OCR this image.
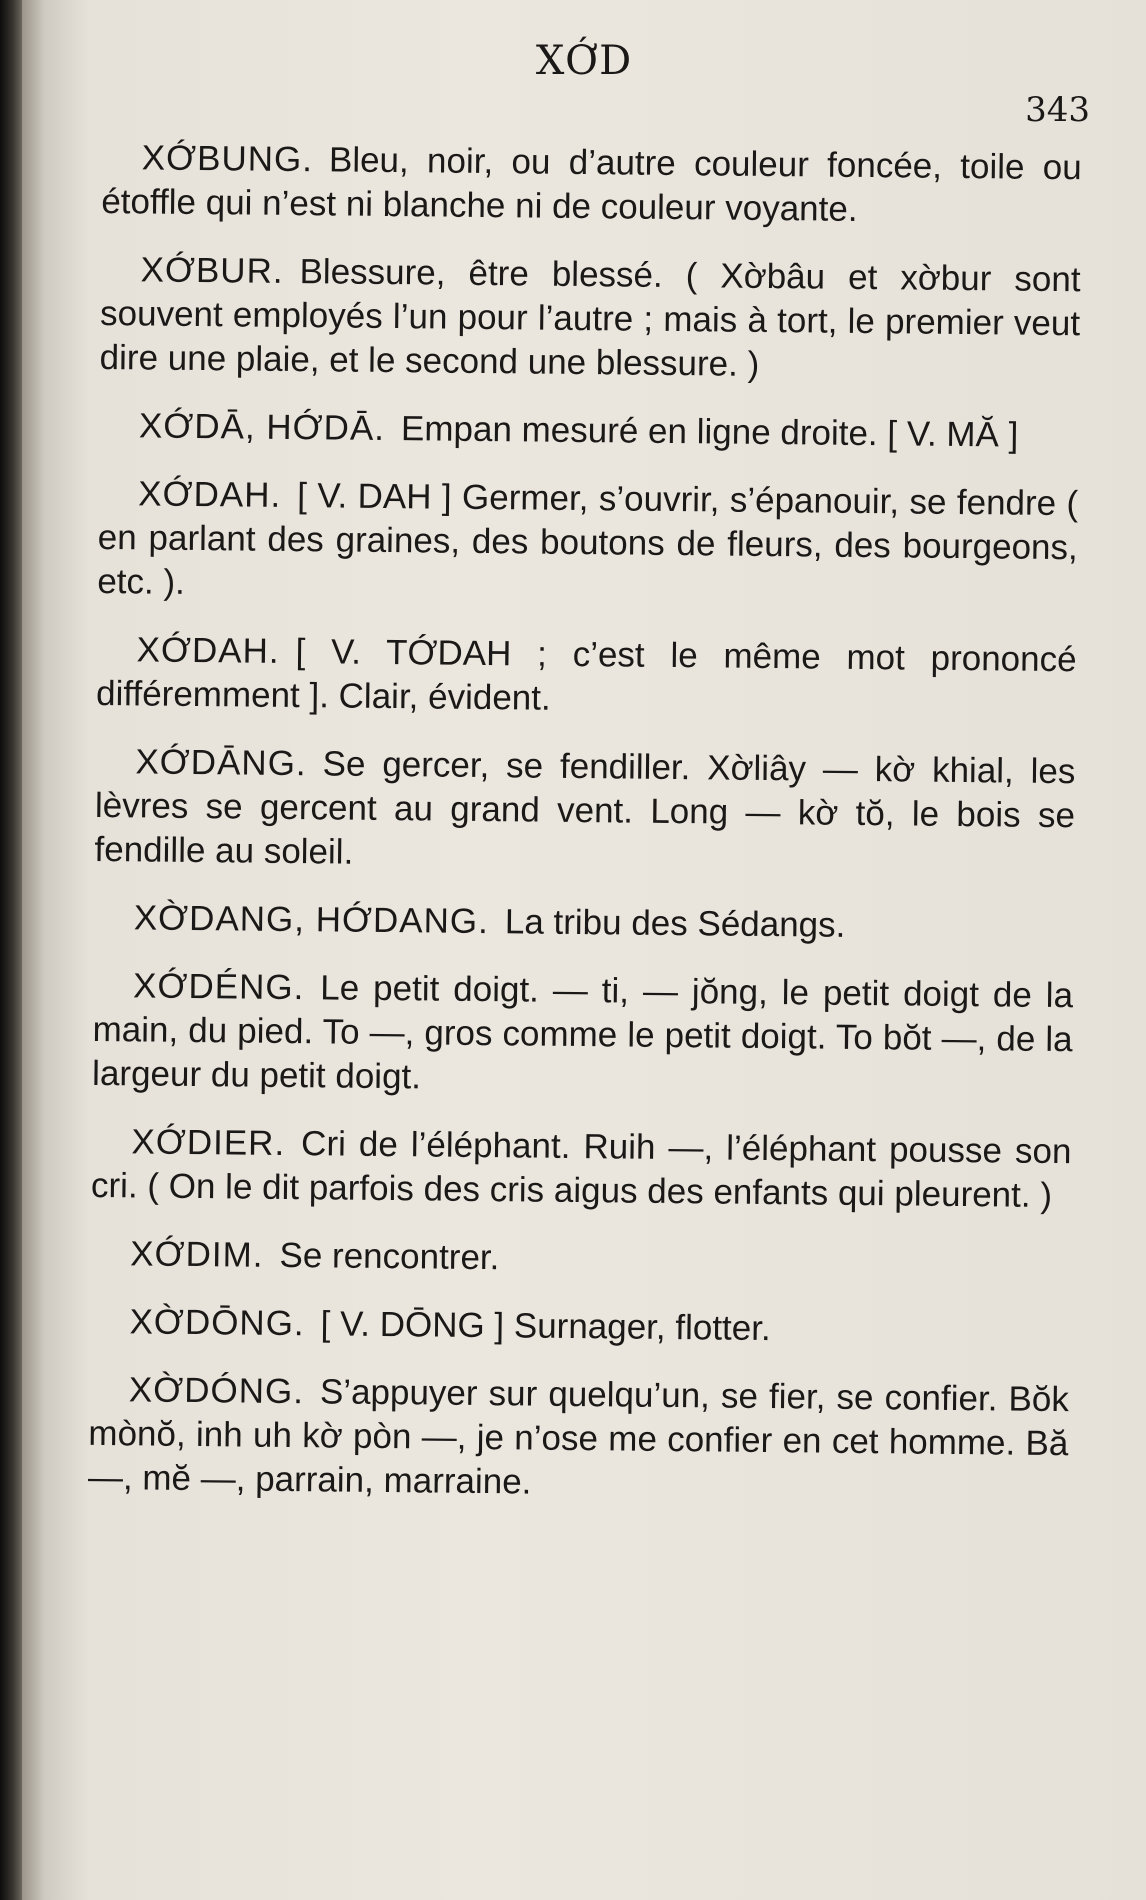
XỚD
343

XỚBUNG. Bleu, noir, ou d’autre couleur foncée, toile ou étoffle qui n’est ni blanche ni de couleur voyante.

XỚBUR. Blessure, être blessé. ( Xờbâu et xờbur sont souvent employés l’un pour l’autre ; mais à tort, le premier veut dire une plaie, et le second une blessure. )

XỚDĀ, HỚDĀ. Empan mesuré en ligne droite. [ V. MĂ ]

XỚDAH. [ V. DAH ] Germer, s’ouvrir, s’épanouir, se fendre ( en parlant des graines, des boutons de fleurs, des bourgeons, etc. ).

XỚDAH. [ V. TỚDAH ; c’est le même mot prononcé différemment ]. Clair, évident.

XỚDĀNG. Se gercer, se fendiller. Xờliây — kờ khial, les lèvres se gercent au grand vent. Long — kờ tŏ, le bois se fendille au soleil.

XỜDANG, HỚDANG. La tribu des Sédangs.

XỚDÉNG. Le petit doigt. — ti, — jŏng, le petit doigt de la main, du pied. To —, gros comme le petit doigt. To bŏt —, de la largeur du petit doigt.

XỚDIER. Cri de l’éléphant. Ruih —, l’éléphant pousse son cri. ( On le dit parfois des cris aigus des enfants qui pleurent. )

XỚDIM. Se rencontrer.

XỜDŌNG. [ V. DŌNG ] Surnager, flotter.

XỜDÓNG. S’appuyer sur quelqu’un, se fier, se confier. Bŏk mònŏ, inh uh kờ pòn —, je n’ose me confier en cet homme. Bă —, mĕ —, parrain, marraine.
